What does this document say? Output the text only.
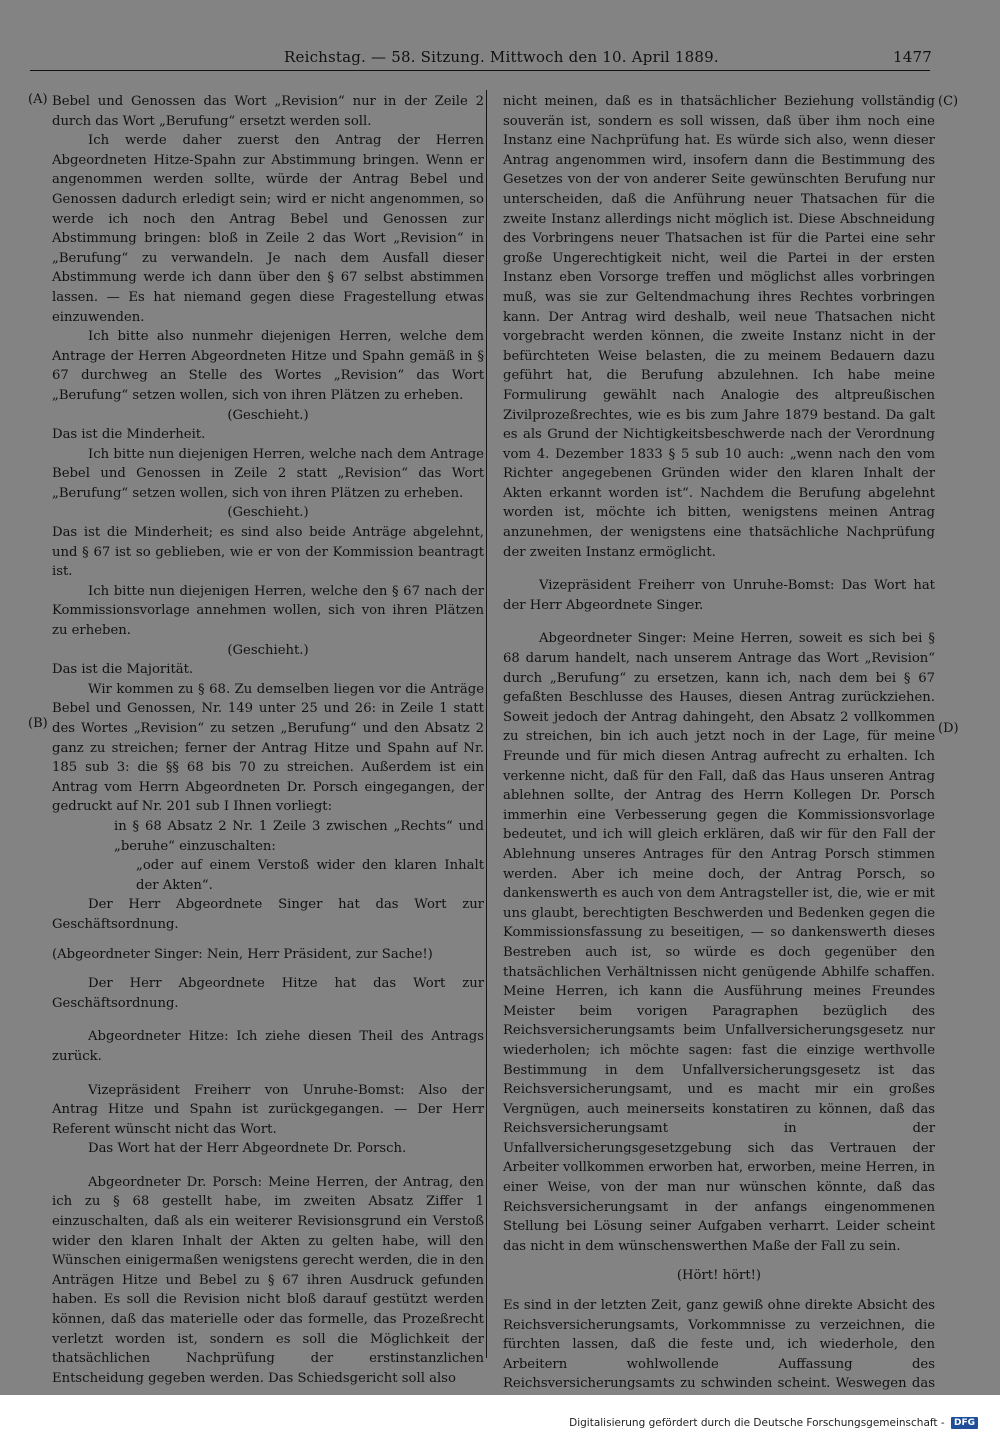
Reichstag. — 58. Sitzung. Mittwoch den 10. April 1889.	1477
(A)
(B)
(C)
(D)

Bebel und Genossen das Wort „Revision“ nur in der Zeile 2 durch das Wort „Berufung“ ersetzt werden soll.

Ich werde daher zuerst den Antrag der Herren Abgeordneten Hitze-Spahn zur Abstimmung bringen. Wenn er angenommen werden sollte, würde der Antrag Bebel und Genossen dadurch erledigt sein; wird er nicht angenommen, so werde ich noch den Antrag Bebel und Genossen zur Abstimmung bringen: bloß in Zeile 2 das Wort „Revision“ in „Berufung“ zu verwandeln. Je nach dem Ausfall dieser Abstimmung werde ich dann über den § 67 selbst abstimmen lassen. — Es hat niemand gegen diese Fragestellung etwas einzuwenden.

Ich bitte also nunmehr diejenigen Herren, welche dem Antrage der Herren Abgeordneten Hitze und Spahn gemäß in § 67 durchweg an Stelle des Wortes „Revision“ das Wort „Berufung“ setzen wollen, sich von ihren Plätzen zu erheben.

(Geschieht.)

Das ist die Minderheit.

Ich bitte nun diejenigen Herren, welche nach dem Antrage Bebel und Genossen in Zeile 2 statt „Revision“ das Wort „Berufung“ setzen wollen, sich von ihren Plätzen zu erheben.

(Geschieht.)

Das ist die Minderheit; es sind also beide Anträge abgelehnt, und § 67 ist so geblieben, wie er von der Kommission beantragt ist.

Ich bitte nun diejenigen Herren, welche den § 67 nach der Kommissionsvorlage annehmen wollen, sich von ihren Plätzen zu erheben.

(Geschieht.)

Das ist die Majorität.

Wir kommen zu § 68. Zu demselben liegen vor die Anträge Bebel und Genossen, Nr. 149 unter 25 und 26: in Zeile 1 statt des Wortes „Revision“ zu setzen „Berufung“ und den Absatz 2 ganz zu streichen; ferner der Antrag Hitze und Spahn auf Nr. 185 sub 3: die §§ 68 bis 70 zu streichen. Außerdem ist ein Antrag vom Herrn Abgeordneten Dr. Porsch eingegangen, der gedruckt auf Nr. 201 sub I Ihnen vorliegt:

in § 68 Absatz 2 Nr. 1 Zeile 3 zwischen „Rechts“ und „beruhe“ einzuschalten:

„oder auf einem Verstoß wider den klaren Inhalt der Akten“.

Der Herr Abgeordnete Singer hat das Wort zur Geschäftsordnung.

(Abgeordneter Singer: Nein, Herr Präsident, zur Sache!)

Der Herr Abgeordnete Hitze hat das Wort zur Geschäftsordnung.

Abgeordneter Hitze: Ich ziehe diesen Theil des Antrags zurück.

Vizepräsident Freiherr von Unruhe-Bomst: Also der Antrag Hitze und Spahn ist zurückgegangen. — Der Herr Referent wünscht nicht das Wort.

Das Wort hat der Herr Abgeordnete Dr. Porsch.

Abgeordneter Dr. Porsch: Meine Herren, der Antrag, den ich zu § 68 gestellt habe, im zweiten Absatz Ziffer 1 einzuschalten, daß als ein weiterer Revisionsgrund ein Verstoß wider den klaren Inhalt der Akten zu gelten habe, will den Wünschen einigermaßen wenigstens gerecht werden, die in den Anträgen Hitze und Bebel zu § 67 ihren Ausdruck gefunden haben. Es soll die Revision nicht bloß darauf gestützt werden können, daß das materielle oder das formelle, das Prozeßrecht verletzt worden ist, sondern es soll die Möglichkeit der thatsächlichen Nachprüfung der erstinstanzlichen Entscheidung gegeben werden. Das Schiedsgericht soll also

nicht meinen, daß es in thatsächlicher Beziehung vollständig souverän ist, sondern es soll wissen, daß über ihm noch eine Instanz eine Nachprüfung hat. Es würde sich also, wenn dieser Antrag angenommen wird, insofern dann die Bestimmung des Gesetzes von der von anderer Seite gewünschten Berufung nur unterscheiden, daß die Anführung neuer Thatsachen für die zweite Instanz allerdings nicht möglich ist. Diese Abschneidung des Vorbringens neuer Thatsachen ist für die Partei eine sehr große Ungerechtigkeit nicht, weil die Partei in der ersten Instanz eben Vorsorge treffen und möglichst alles vorbringen muß, was sie zur Geltendmachung ihres Rechtes vorbringen kann. Der Antrag wird deshalb, weil neue Thatsachen nicht vorgebracht werden können, die zweite Instanz nicht in der befürchteten Weise belasten, die zu meinem Bedauern dazu geführt hat, die Berufung abzulehnen. Ich habe meine Formulirung gewählt nach Analogie des altpreußischen Zivilprozeßrechtes, wie es bis zum Jahre 1879 bestand. Da galt es als Grund der Nichtigkeitsbeschwerde nach der Verordnung vom 4. Dezember 1833 § 5 sub 10 auch: „wenn nach den vom Richter angegebenen Gründen wider den klaren Inhalt der Akten erkannt worden ist“. Nachdem die Berufung abgelehnt worden ist, möchte ich bitten, wenigstens meinen Antrag anzunehmen, der wenigstens eine thatsächliche Nachprüfung der zweiten Instanz ermöglicht.

Vizepräsident Freiherr von Unruhe-Bomst: Das Wort hat der Herr Abgeordnete Singer.

Abgeordneter Singer: Meine Herren, soweit es sich bei § 68 darum handelt, nach unserem Antrage das Wort „Revision“ durch „Berufung“ zu ersetzen, kann ich, nach dem bei § 67 gefaßten Beschlusse des Hauses, diesen Antrag zurückziehen. Soweit jedoch der Antrag dahingeht, den Absatz 2 vollkommen zu streichen, bin ich auch jetzt noch in der Lage, für meine Freunde und für mich diesen Antrag aufrecht zu erhalten. Ich verkenne nicht, daß für den Fall, daß das Haus unseren Antrag ablehnen sollte, der Antrag des Herrn Kollegen Dr. Porsch immerhin eine Verbesserung gegen die Kommissionsvorlage bedeutet, und ich will gleich erklären, daß wir für den Fall der Ablehnung unseres Antrages für den Antrag Porsch stimmen werden. Aber ich meine doch, der Antrag Porsch, so dankenswerth es auch von dem Antragsteller ist, die, wie er mit uns glaubt, berechtigten Beschwerden und Bedenken gegen die Kommissionsfassung zu beseitigen, — so dankenswerth dieses Bestreben auch ist, so würde es doch gegenüber den thatsächlichen Verhältnissen nicht genügende Abhilfe schaffen. Meine Herren, ich kann die Ausführung meines Freundes Meister beim vorigen Paragraphen bezüglich des Reichsversicherungsamts beim Unfallversicherungsgesetz nur wiederholen; ich möchte sagen: fast die einzige werthvolle Bestimmung in dem Unfallversicherungsgesetz ist das Reichsversicherungsamt, und es macht mir ein großes Vergnügen, auch meinerseits konstatiren zu können, daß das Reichsversicherungsamt in der Unfallversicherungsgesetzgebung sich das Vertrauen der Arbeiter vollkommen erworben hat, erworben, meine Herren, in einer Weise, von der man nur wünschen könnte, daß das Reichsversicherungsamt in der anfangs eingenommenen Stellung bei Lösung seiner Aufgaben verharrt. Leider scheint das nicht in dem wünschenswerthen Maße der Fall zu sein.

(Hört! hört!)

Es sind in der letzten Zeit, ganz gewiß ohne direkte Absicht des Reichsversicherungsamts, Vorkommnisse zu verzeichnen, die fürchten lassen, daß die feste und, ich wiederhole, den Arbeitern wohlwollende Auffassung des Reichsversicherungsamts zu schwinden scheint. Weswegen das

Digitalisierung gefördert durch die Deutsche Forschungsgemeinschaft - DFG
